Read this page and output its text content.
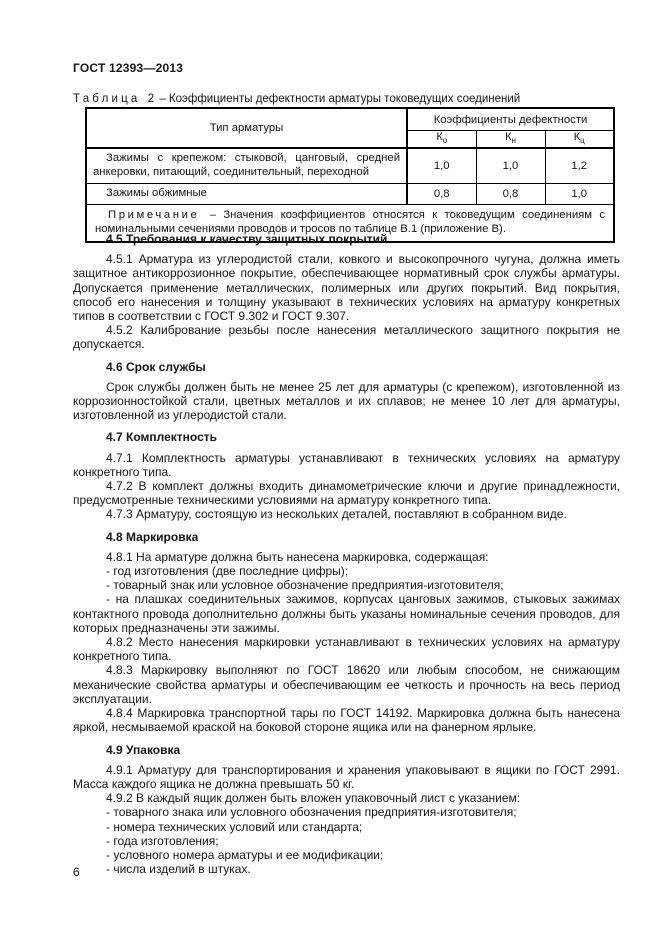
ГОСТ 12393—2013
Таблица 2 – Коэффициенты дефектности арматуры токоведущих соединений
Тип арматуры	Коэффициенты дефектности		
	$К_о$	$К_н$	$К_ц$
Зажимы с крепежом: стыковой, цанговый, средней анкеровки, питающий, соединительный, переходной	1,0	1,0	1,2
Зажимы обжимные	0,8	0,8	1,0
Примечание – Значения коэффициентов относятся к токоведущим соединениям с номинальными сечениями проводов и тросов по таблице В.1 (приложение В).			

4.5 Требования к качеству защитных покрытий

4.5.1 Арматура из углеродистой стали, ковкого и высокопрочного чугуна, должна иметь защитное антикоррозионное покрытие, обеспечивающее нормативный срок службы арматуры. Допускается применение металлических, полимерных или других покрытий. Вид покрытия, способ его нанесения и толщину указывают в технических условиях на арматуру конкретных типов в соответствии с ГОСТ 9.302 и ГОСТ 9.307.

4.5.2 Калибрование резьбы после нанесения металлического защитного покрытия не допускается.

4.6 Срок службы

Срок службы должен быть не менее 25 лет для арматуры (с крепежом), изготовленной из коррозионностойкой стали, цветных металлов и их сплавов; не менее 10 лет для арматуры, изготовленной из углеродистой стали.

4.7 Комплектность

4.7.1 Комплектность арматуры устанавливают в технических условиях на арматуру конкретного типа.

4.7.2 В комплект должны входить динамометрические ключи и другие принадлежности, предусмотренные техническими условиями на арматуру конкретного типа.

4.7.3 Арматуру, состоящую из нескольких деталей, поставляют в собранном виде.

4.8 Маркировка

4.8.1 На арматуре должна быть нанесена маркировка, содержащая:

- год изготовления (две последние цифры);

- товарный знак или условное обозначение предприятия-изготовителя;

- на плашках соединительных зажимов, корпусах цанговых зажимов, стыковых зажимах контактного провода дополнительно должны быть указаны номинальные сечения проводов, для которых предназначены эти зажимы.

4.8.2 Место нанесения маркировки устанавливают в технических условиях на арматуру конкретного типа.

4.8.3 Маркировку выполняют по ГОСТ 18620 или любым способом, не снижающим механические свойства арматуры и обеспечивающим ее четкость и прочность на весь период эксплуатации.

4.8.4 Маркировка транспортной тары по ГОСТ 14192. Маркировка должна быть нанесена яркой, несмываемой краской на боковой стороне ящика или на фанерном ярлыке.

4.9 Упаковка

4.9.1 Арматуру для транспортирования и хранения упаковывают в ящики по ГОСТ 2991. Масса каждого ящика не должна превышать 50 кг.

4.9.2 В каждый ящик должен быть вложен упаковочный лист с указанием:

- товарного знака или условного обозначения предприятия-изготовителя;

- номера технических условий или стандарта;

- года изготовления;

- условного номера арматуры и ее модификации;

- числа изделий в штуках.

6
